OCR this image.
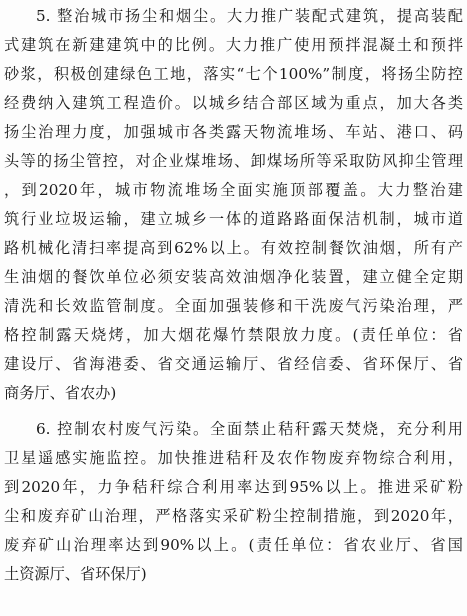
5. 整治城市扬尘和烟尘。大力推广装配式建筑，提高装配
式建筑在新建建筑中的比例。大力推广使用预拌混凝土和预拌
砂浆，积极创建绿色工地，落实“七个100%”制度，将扬尘防控
经费纳入建筑工程造价。以城乡结合部区域为重点，加大各类
扬尘治理力度，加强城市各类露天物流堆场、车站、港口、码
头等的扬尘管控，对企业煤堆场、卸煤场所等采取防风抑尘管理
，到2020年，城市物流堆场全面实施顶部覆盖。大力整治建
筑行业垃圾运输，建立城乡一体的道路路面保洁机制，城市道
路机械化清扫率提高到62%以上。有效控制餐饮油烟，所有产
生油烟的餐饮单位必须安装高效油烟净化装置，建立健全定期
清洗和长效监管制度。全面加强装修和干洗废气污染治理，严
格控制露天烧烤，加大烟花爆竹禁限放力度。(责任单位：省
建设厅、省海港委、省交通运输厅、省经信委、省环保厅、省
商务厅、省农办)
6. 控制农村废气污染。全面禁止秸秆露天焚烧，充分利用
卫星遥感实施监控。加快推进秸秆及农作物废弃物综合利用，
到2020年，力争秸秆综合利用率达到95%以上。推进采矿粉
尘和废弃矿山治理，严格落实采矿粉尘控制措施，到2020年，
废弃矿山治理率达到90%以上。(责任单位：省农业厅、省国
土资源厅、省环保厅)
